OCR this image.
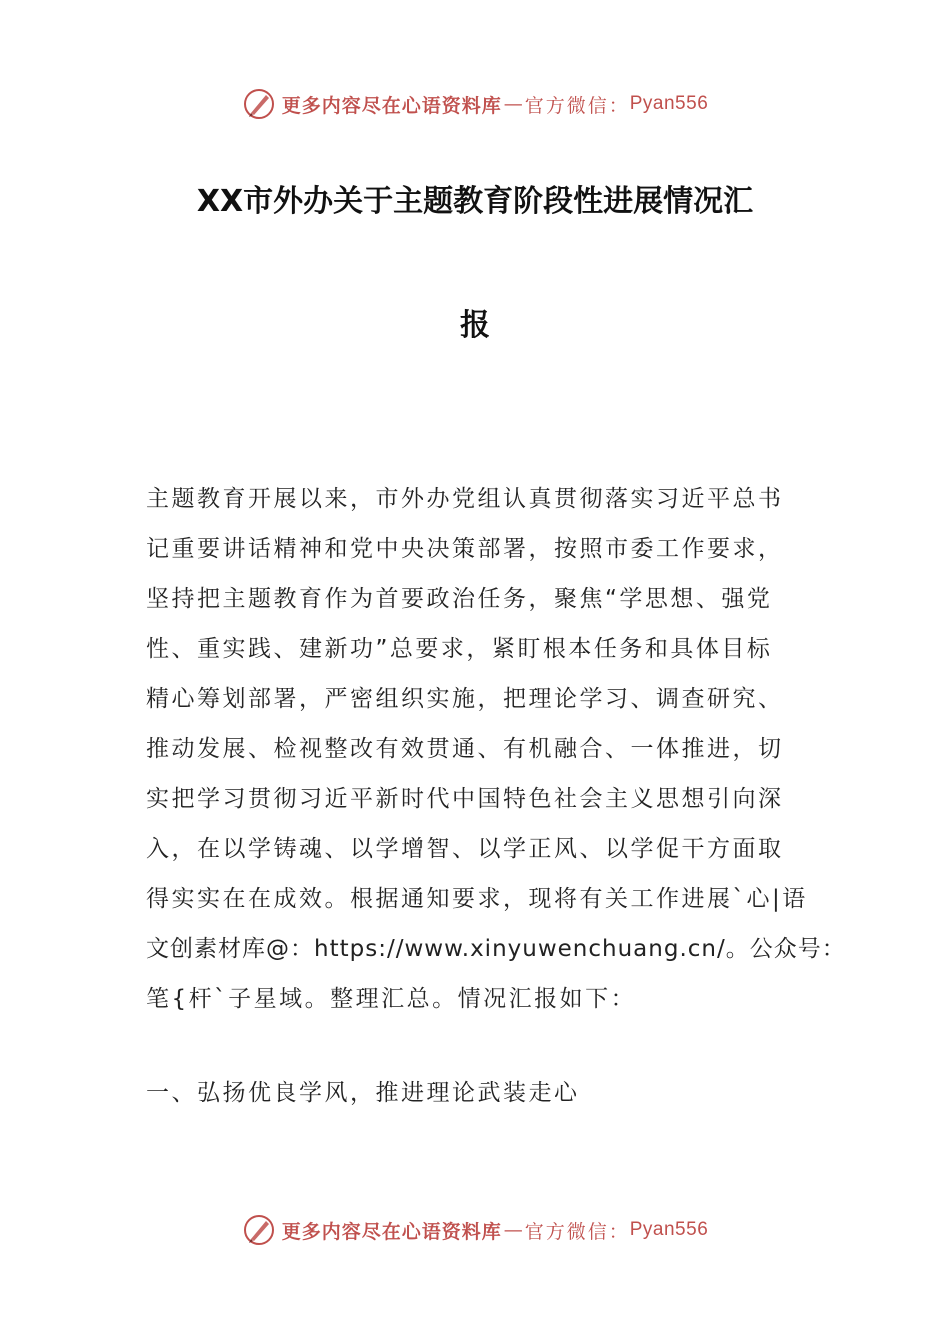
更多内容尽在心语资料库 — 官方微信： Pyan556
XX市外办关于主题教育阶段性进展情况汇
报
主题教育开展以来，市外办党组认真贯彻落实习近平总书
记重要讲话精神和党中央决策部署，按照市委工作要求，
坚持把主题教育作为首要政治任务，聚焦“学思想、强党
性、重实践、建新功”总要求，紧盯根本任务和具体目标
精心筹划部署，严密组织实施，把理论学习、调查研究、
推动发展、检视整改有效贯通、有机融合、一体推进，切
实把学习贯彻习近平新时代中国特色社会主义思想引向深
入，在以学铸魂、以学增智、以学正风、以学促干方面取
得实实在在成效。根据通知要求，现将有关工作进展`心|语
文创素材库@：https://www.xinyuwenchuang.cn/。公众号：
笔{杆`子星域。整理汇总。情况汇报如下：
一、弘扬优良学风，推进理论武装走心
更多内容尽在心语资料库 — 官方微信： Pyan556
